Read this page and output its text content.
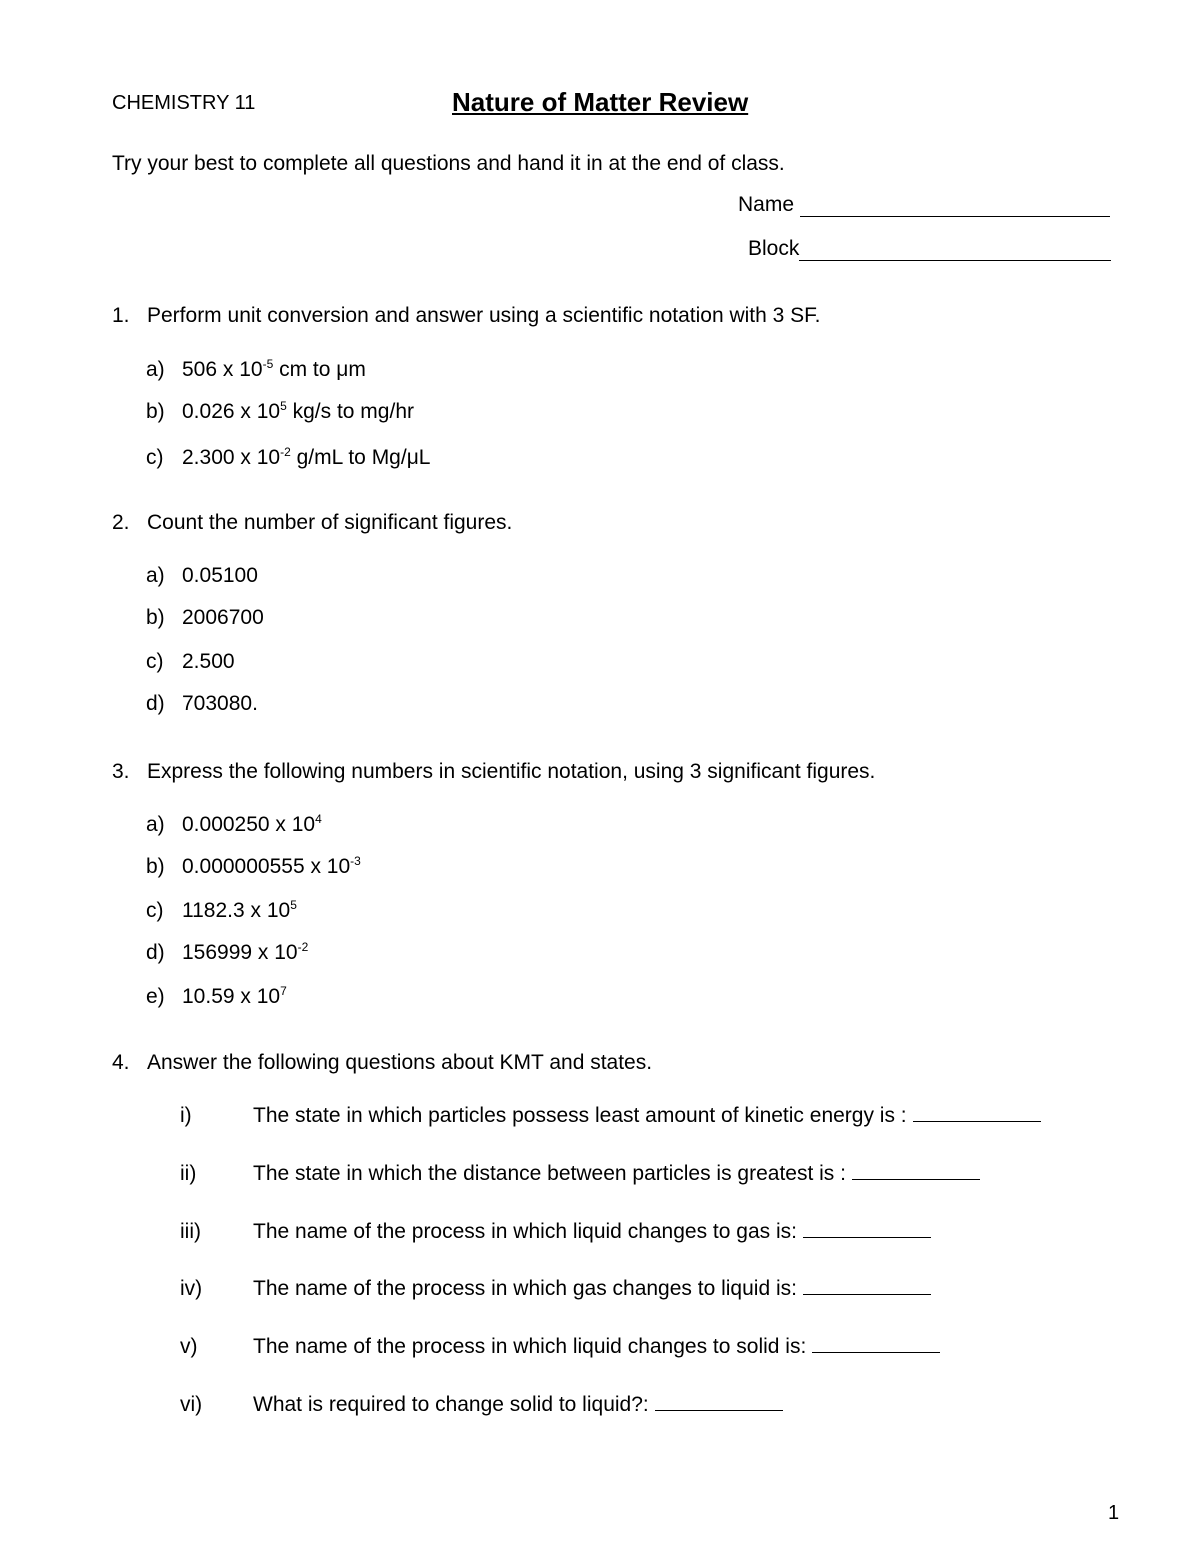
CHEMISTRY 11	Nature of Matter Review
Try your best to complete all questions and hand it in at the end of class.
Name
Block
1. Perform unit conversion and answer using a scientific notation with 3 SF.
a) 506 x $10^{-5}$ cm to μm
b) 0.026 x $10^5$ kg/s to mg/hr
c) 2.300 x $10^{-2}$ g/mL to Mg/μL
2. Count the number of significant figures.
a) 0.05100
b) 2006700
c) 2.500
d) 703080.
3. Express the following numbers in scientific notation, using 3 significant figures.
a) 0.000250 x $10^4$
b) 0.000000555 x $10^{-3}$
c) 1182.3 x $10^5$
d) 156999 x $10^{-2}$
e) 10.59 x $10^7$
4. Answer the following questions about KMT and states.
i)	The state in which particles possess least amount of kinetic energy is :
ii)	The state in which the distance between particles is greatest is :
iii) The name of the process in which liquid changes to gas is:
iv) The name of the process in which gas changes to liquid is:
v)	The name of the process in which liquid changes to solid is:
vi) What is required to change solid to liquid?:
1
